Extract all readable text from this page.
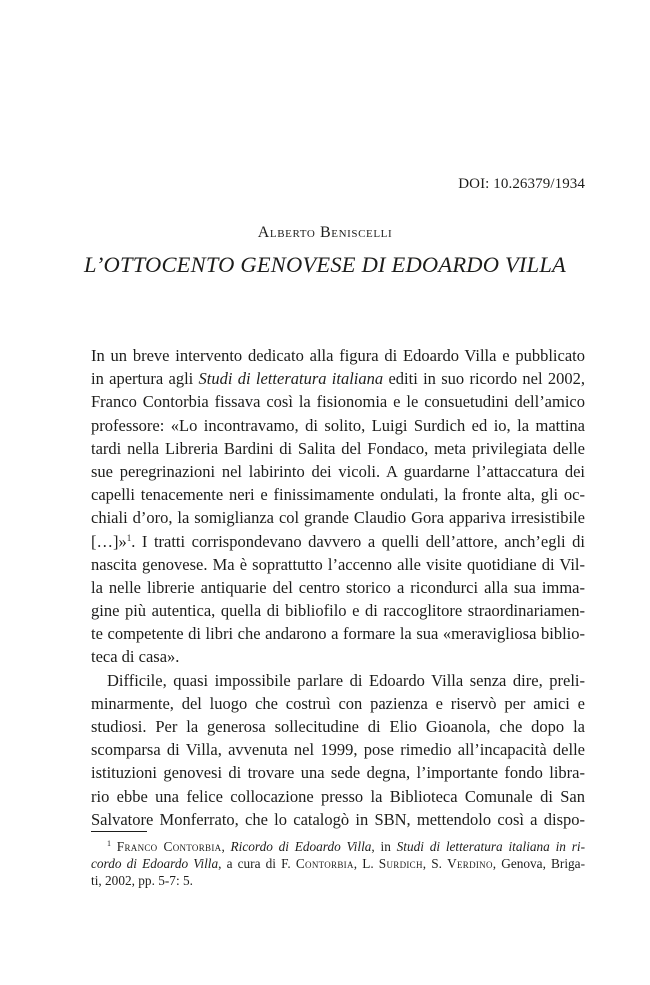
DOI: 10.26379/1934
Alberto Beniscelli
L’OTTOCENTO GENOVESE DI EDOARDO VILLA
In un breve intervento dedicato alla figura di Edoardo Villa e pubblicato
in apertura agli Studi di letteratura italiana editi in suo ricordo nel 2002,
Franco Contorbia fissava così la fisionomia e le consuetudini dell’amico
professore: «Lo incontravamo, di solito, Luigi Surdich ed io, la mattina
tardi nella Libreria Bardini di Salita del Fondaco, meta privilegiata delle
sue peregrinazioni nel labirinto dei vicoli. A guardarne l’attaccatura dei
capelli tenacemente neri e finissimamente ondulati, la fronte alta, gli oc-
chiali d’oro, la somiglianza col grande Claudio Gora appariva irresistibile
[…]»$^1$. I tratti corrispondevano davvero a quelli dell’attore, anch’egli di
nascita genovese. Ma è soprattutto l’accenno alle visite quotidiane di Vil-
la nelle librerie antiquarie del centro storico a ricondurci alla sua imma-
gine più autentica, quella di bibliofilo e di raccoglitore straordinariamen-
te competente di libri che andarono a formare la sua «meravigliosa biblio-
teca di casa».
Difficile, quasi impossibile parlare di Edoardo Villa senza dire, preli-
minarmente, del luogo che costruì con pazienza e riservò per amici e
studiosi. Per la generosa sollecitudine di Elio Gioanola, che dopo la
scomparsa di Villa, avvenuta nel 1999, pose rimedio all’incapacità delle
istituzioni genovesi di trovare una sede degna, l’importante fondo libra-
rio ebbe una felice collocazione presso la Biblioteca Comunale di San
Salvatore Monferrato, che lo catalogò in SBN, mettendolo così a dispo-
$^1$ Franco Contorbia, Ricordo di Edoardo Villa, in Studi di letteratura italiana in ri-
cordo di Edoardo Villa, a cura di F. Contorbia, L. Surdich, S. Verdino, Genova, Briga-
ti, 2002, pp. 5-7: 5.
